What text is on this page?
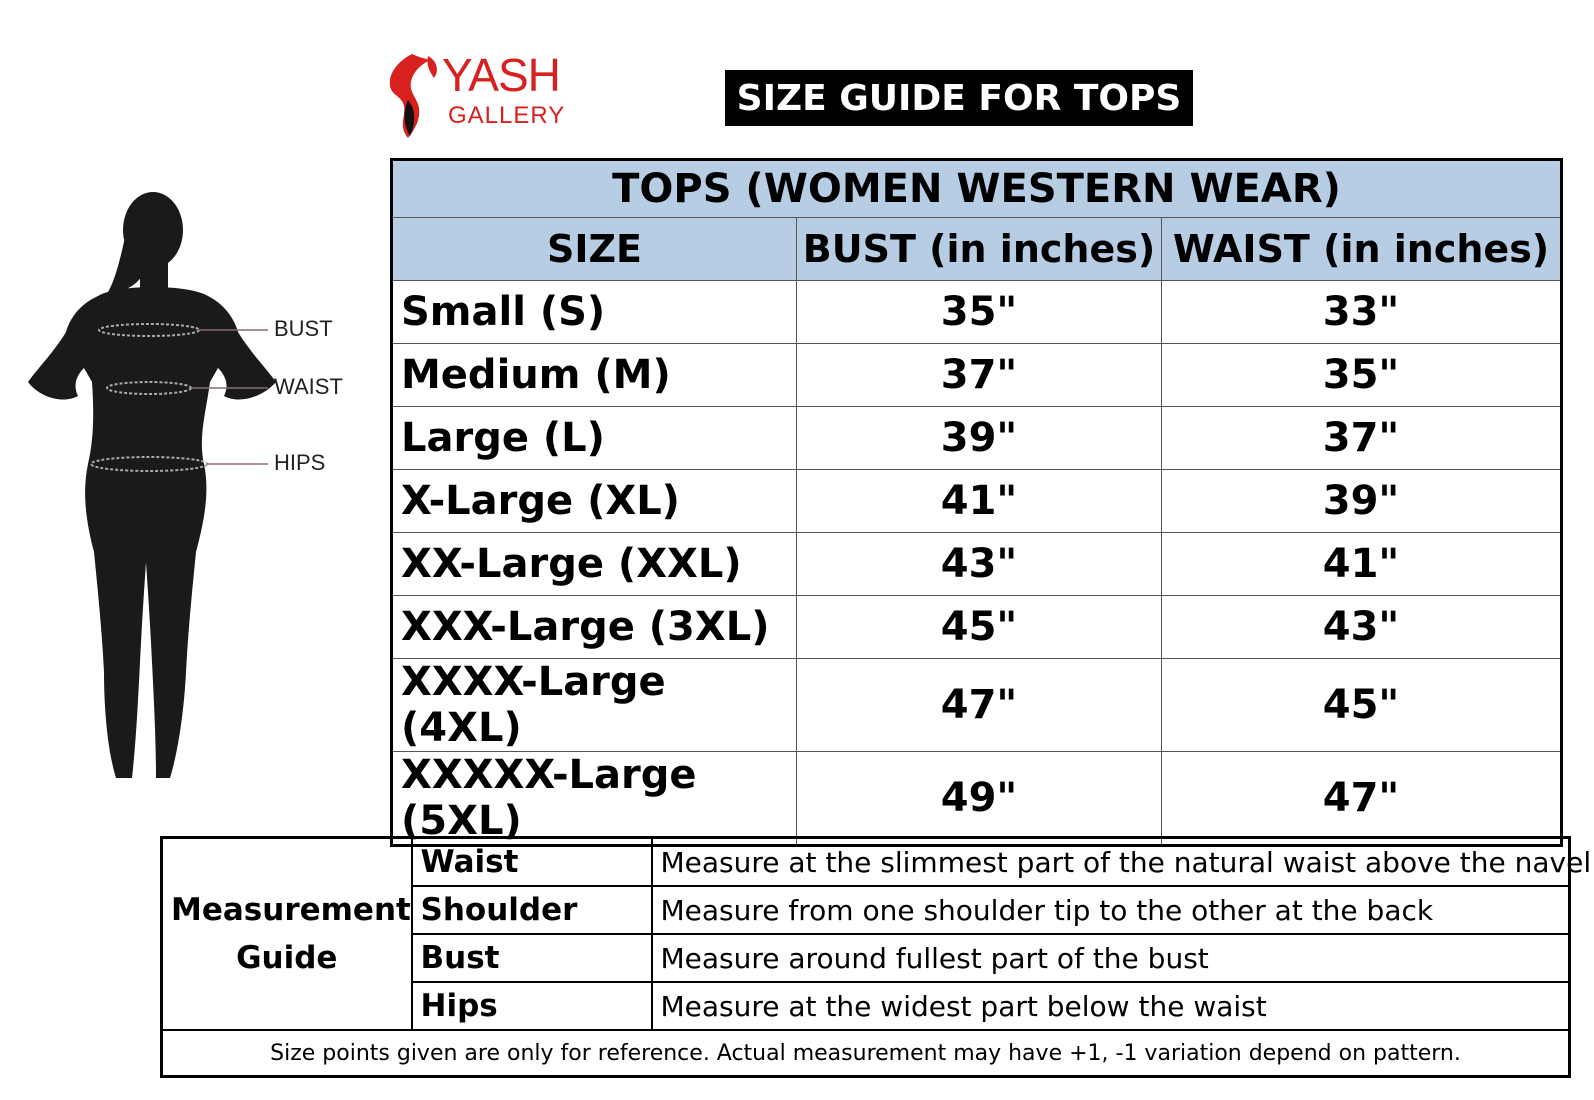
YASH
GALLERY	SIZE GUIDE FOR TOPS
BUST
WAIST
HIPS
TOPS (WOMEN WESTERN WEAR)		
SIZE	BUST (in inches)	WAIST (in inches)
Small (S)	35"	33"
Medium (M)	37"	35"
Large (L)	39"	37"
X-Large (XL)	41"	39"
XX-Large (XXL)	43"	41"
XXX-Large (3XL)	45"	43"
XXXX-Large (4XL)	47"	45"
XXXXX-Large (5XL)	49"	47"
Measurement
Guide	Waist	Measure at the slimmest part of the natural waist above the navel
	Shoulder	Measure from one shoulder tip to the other at the back
	Bust	Measure around fullest part of the bust
	Hips	Measure at the widest part below the waist
Size points given are only for reference. Actual measurement may have +1, -1 variation depend on pattern.		
